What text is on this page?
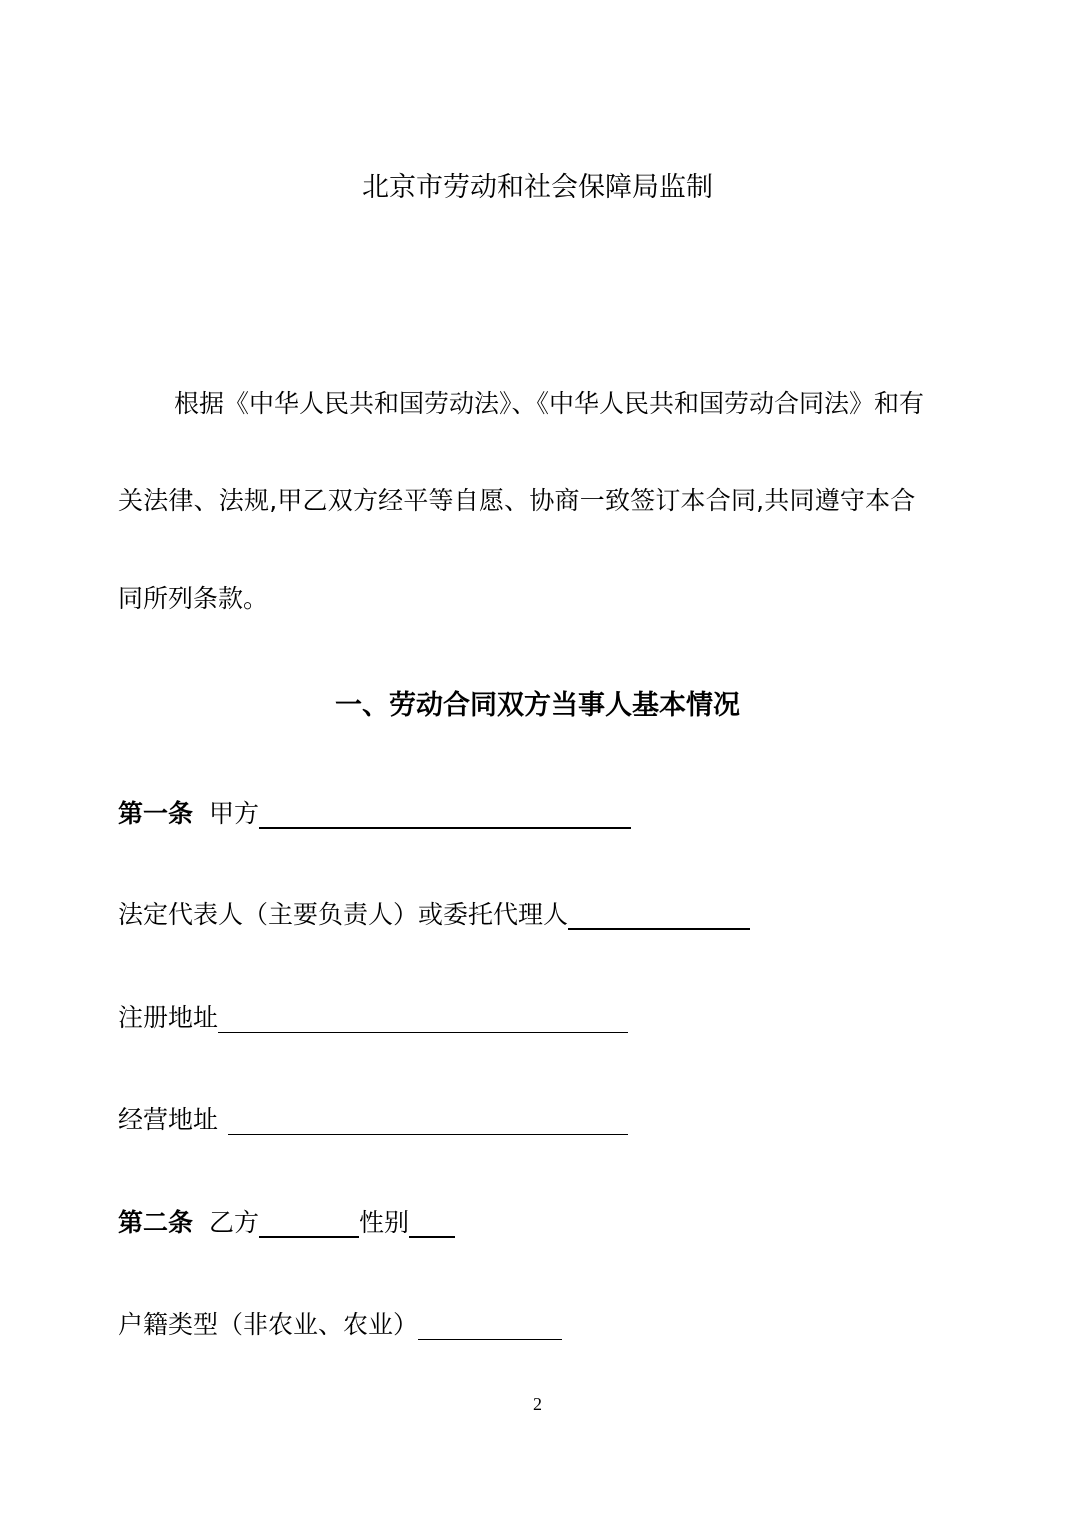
北京市劳动和社会保障局监制
根据《中华人民共和国劳动法》、《中华人民共和国劳动合同法》和有
关法律、法规,甲乙双方经平等自愿、协商一致签订本合同,共同遵守本合
同所列条款。
一、劳动合同双方当事人基本情况
第一条 甲方
法定代表人（主要负责人）或委托代理人
注册地址
经营地址
第二条 乙方	性别
户籍类型（非农业、农业）
2
